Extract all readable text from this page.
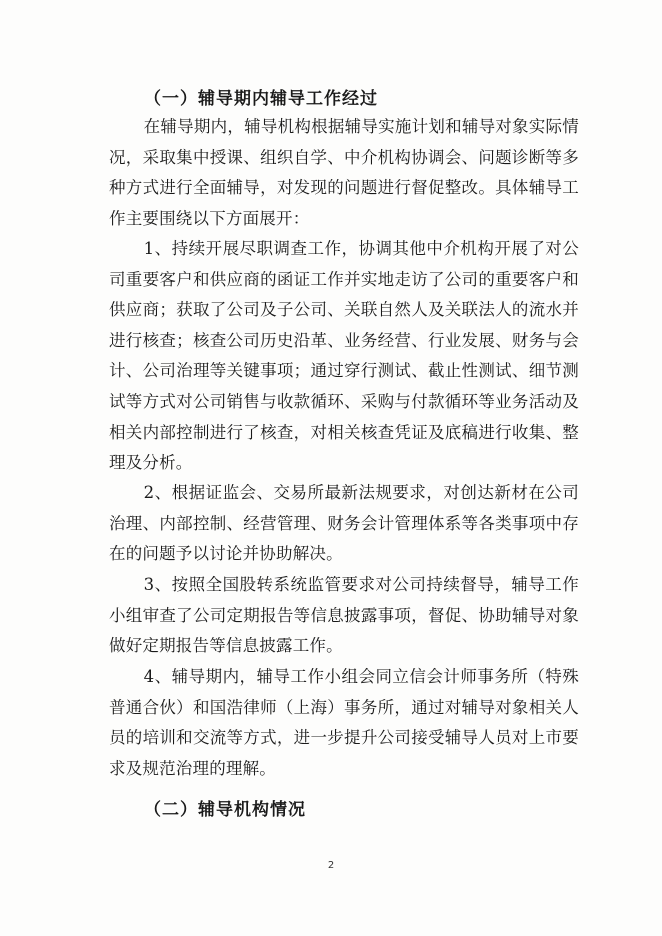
（一）辅导期内辅导工作经过
在辅导期内，辅导机构根据辅导实施计划和辅导对象实际情况，采取集中授课、组织自学、中介机构协调会、问题诊断等多种方式进行全面辅导，对发现的问题进行督促整改。具体辅导工作主要围绕以下方面展开：
1、持续开展尽职调查工作，协调其他中介机构开展了对公司重要客户和供应商的函证工作并实地走访了公司的重要客户和供应商；获取了公司及子公司、关联自然人及关联法人的流水并进行核查；核查公司历史沿革、业务经营、行业发展、财务与会计、公司治理等关键事项；通过穿行测试、截止性测试、细节测试等方式对公司销售与收款循环、采购与付款循环等业务活动及相关内部控制进行了核查，对相关核查凭证及底稿进行收集、整理及分析。
2、根据证监会、交易所最新法规要求，对创达新材在公司治理、内部控制、经营管理、财务会计管理体系等各类事项中存在的问题予以讨论并协助解决。
3、按照全国股转系统监管要求对公司持续督导，辅导工作小组审查了公司定期报告等信息披露事项，督促、协助辅导对象做好定期报告等信息披露工作。
4、辅导期内，辅导工作小组会同立信会计师事务所（特殊普通合伙）和国浩律师（上海）事务所，通过对辅导对象相关人员的培训和交流等方式，进一步提升公司接受辅导人员对上市要求及规范治理的理解。
（二）辅导机构情况
2
